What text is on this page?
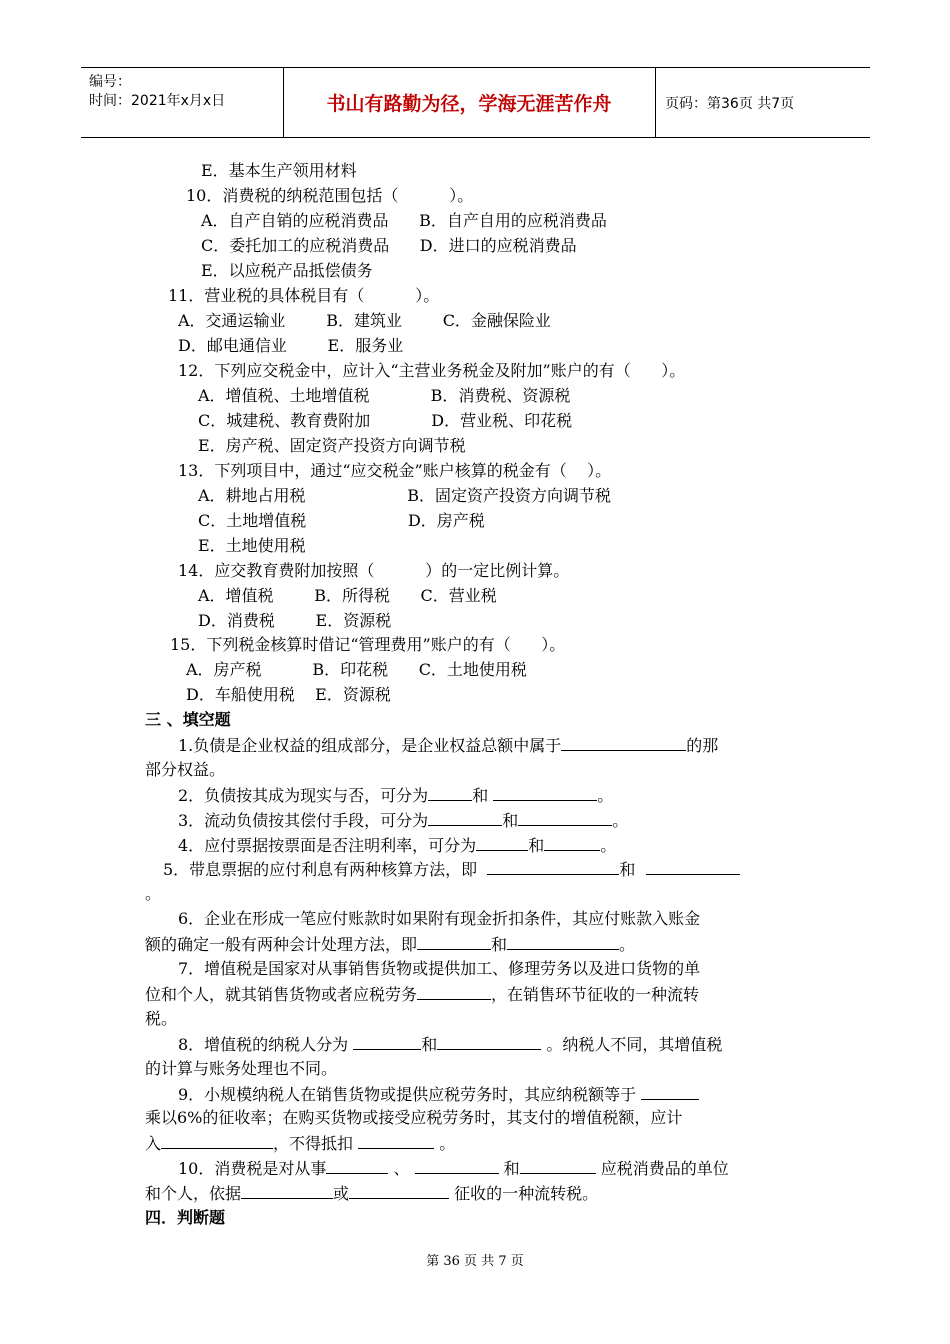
编号：
时间：2021年x月x日	书山有路勤为径，学海无涯苦作舟	页码：第36页 共7页
E．基本生产领用材料
10．消费税的纳税范围包括（          ）。
A．自产自销的应税消费品      B．自产自用的应税消费品
C．委托加工的应税消费品      D．进口的应税消费品
E．以应税产品抵偿债务
11．营业税的具体税目有（          ）。
A．交通运输业        B．建筑业        C．金融保险业
D．邮电通信业        E．服务业
12．下列应交税金中，应计入“主营业务税金及附加”账户的有（      ）。
A．增值税、土地增值税            B．消费税、资源税
C．城建税、教育费附加            D．营业税、印花税
E．房产税、固定资产投资方向调节税
13．下列项目中，通过“应交税金”账户核算的税金有（    ）。
A．耕地占用税                    B．固定资产投资方向调节税
C．土地增值税                    D．房产税
E．土地使用税
14．应交教育费附加按照（          ）的一定比例计算。
A．增值税        B．所得税      C．营业税
D．消费税        E．资源税
15．下列税金核算时借记“管理费用”账户的有（      ）。
A．房产税          B．印花税      C．土地使用税
D．车船使用税    E．资源税
三 、填空题
1.负债是企业权益的组成部分，是企业权益总额中属于	的那
部分权益。
2．负债按其成为现实与否，可分为	和	。
3．流动负债按其偿付手段，可分为	和	。
4．应付票据按票面是否注明利率，可分为	和	。
5．带息票据的应付利息有两种核算方法，即	和
。
6．企业在形成一笔应付账款时如果附有现金折扣条件，其应付账款入账金
额的确定一般有两种会计处理方法，即	和	。
7．增值税是国家对从事销售货物或提供加工、修理劳务以及进口货物的单
位和个人，就其销售货物或者应税劳务	，在销售环节征收的一种流转
税。
8．增值税的纳税人分为	和	。纳税人不同，其增值税
的计算与账务处理也不同。
9．小规模纳税人在销售货物或提供应税劳务时，其应纳税额等于
乘以6%的征收率；在购买货物或接受应税劳务时，其支付的增值税额，应计
入	，不得抵扣	。
10．消费税是对从事	、	和	应税消费品的单位
和个人，依据	或	征收的一种流转税。
四．判断题
第 36 页 共 7 页
